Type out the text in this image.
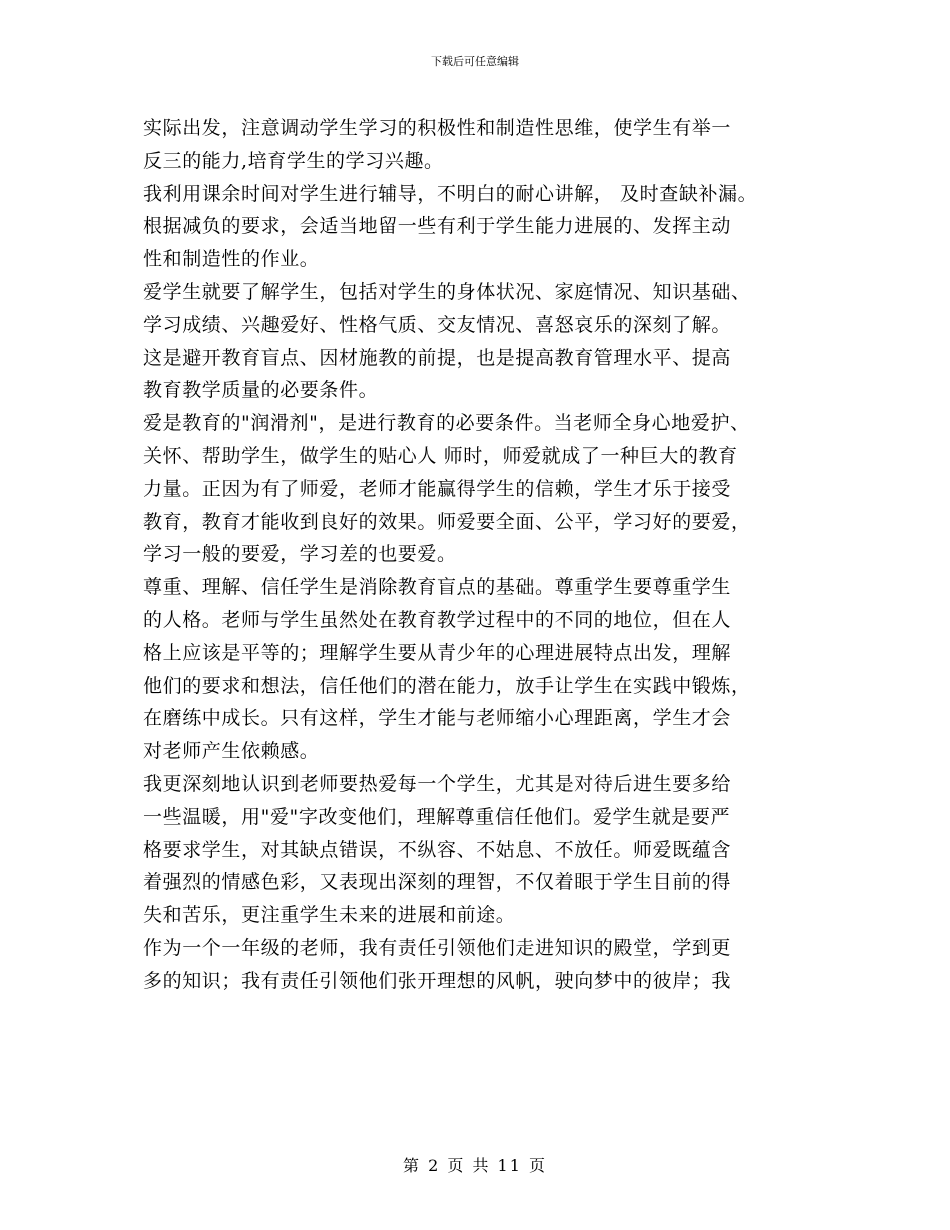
下载后可任意编辑
实际出发，注意调动学生学习的积极性和制造性思维，使学生有举一
反三的能力,培育学生的学习兴趣。
我利用课余时间对学生进行辅导，不明白的耐心讲解， 及时查缺补漏。
根据减负的要求，会适当地留一些有利于学生能力进展的、发挥主动
性和制造性的作业。
爱学生就要了解学生，包括对学生的身体状况、家庭情况、知识基础、
学习成绩、兴趣爱好、性格气质、交友情况、喜怒哀乐的深刻了解。
这是避开教育盲点、因材施教的前提，也是提高教育管理水平、提高
教育教学质量的必要条件。
爱是教育的"润滑剂"，是进行教育的必要条件。当老师全身心地爱护、
关怀、帮助学生，做学生的贴心人 师时，师爱就成了一种巨大的教育
力量。正因为有了师爱，老师才能赢得学生的信赖，学生才乐于接受
教育，教育才能收到良好的效果。师爱要全面、公平，学习好的要爱，
学习一般的要爱，学习差的也要爱。
尊重、理解、信任学生是消除教育盲点的基础。尊重学生要尊重学生
的人格。老师与学生虽然处在教育教学过程中的不同的地位，但在人
格上应该是平等的；理解学生要从青少年的心理进展特点出发，理解
他们的要求和想法，信任他们的潜在能力，放手让学生在实践中锻炼，
在磨练中成长。只有这样，学生才能与老师缩小心理距离，学生才会
对老师产生依赖感。
我更深刻地认识到老师要热爱每一个学生，尤其是对待后进生要多给
一些温暖，用"爱"字改变他们，理解尊重信任他们。爱学生就是要严
格要求学生，对其缺点错误，不纵容、不姑息、不放任。师爱既蕴含
着强烈的情感色彩，又表现出深刻的理智，不仅着眼于学生目前的得
失和苦乐，更注重学生未来的进展和前途。
作为一个一年级的老师，我有责任引领他们走进知识的殿堂，学到更
多的知识；我有责任引领他们张开理想的风帆，驶向梦中的彼岸；我
第 2 页 共 11 页
